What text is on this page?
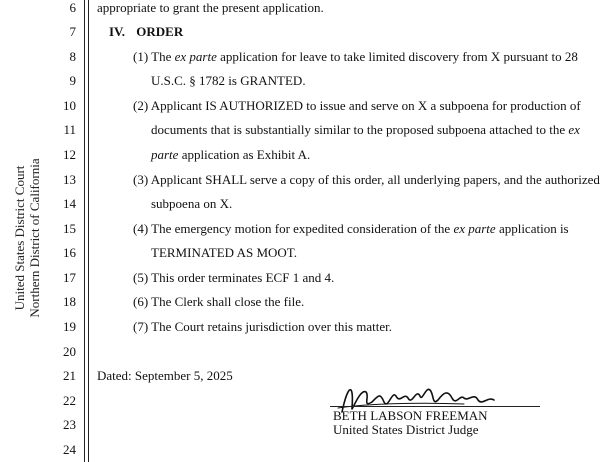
United States District Court Northern District of California
6
7
8
9
10
11
12
13
14
15
16
17
18
19
20
21
22
23
24
appropriate to grant the present application.
IV. ORDER
(1) The ex parte application for leave to take limited discovery from X pursuant to 28
U.S.C. § 1782 is GRANTED.
(2) Applicant IS AUTHORIZED to issue and serve on X a subpoena for production of
documents that is substantially similar to the proposed subpoena attached to the ex
parte application as Exhibit A.
(3) Applicant SHALL serve a copy of this order, all underlying papers, and the authorized
subpoena on X.
(4) The emergency motion for expedited consideration of the ex parte application is
TERMINATED AS MOOT.
(5) This order terminates ECF 1 and 4.
(6) The Clerk shall close the file.
(7) The Court retains jurisdiction over this matter.
Dated: September 5, 2025
BETH LABSON FREEMAN
United States District Judge
